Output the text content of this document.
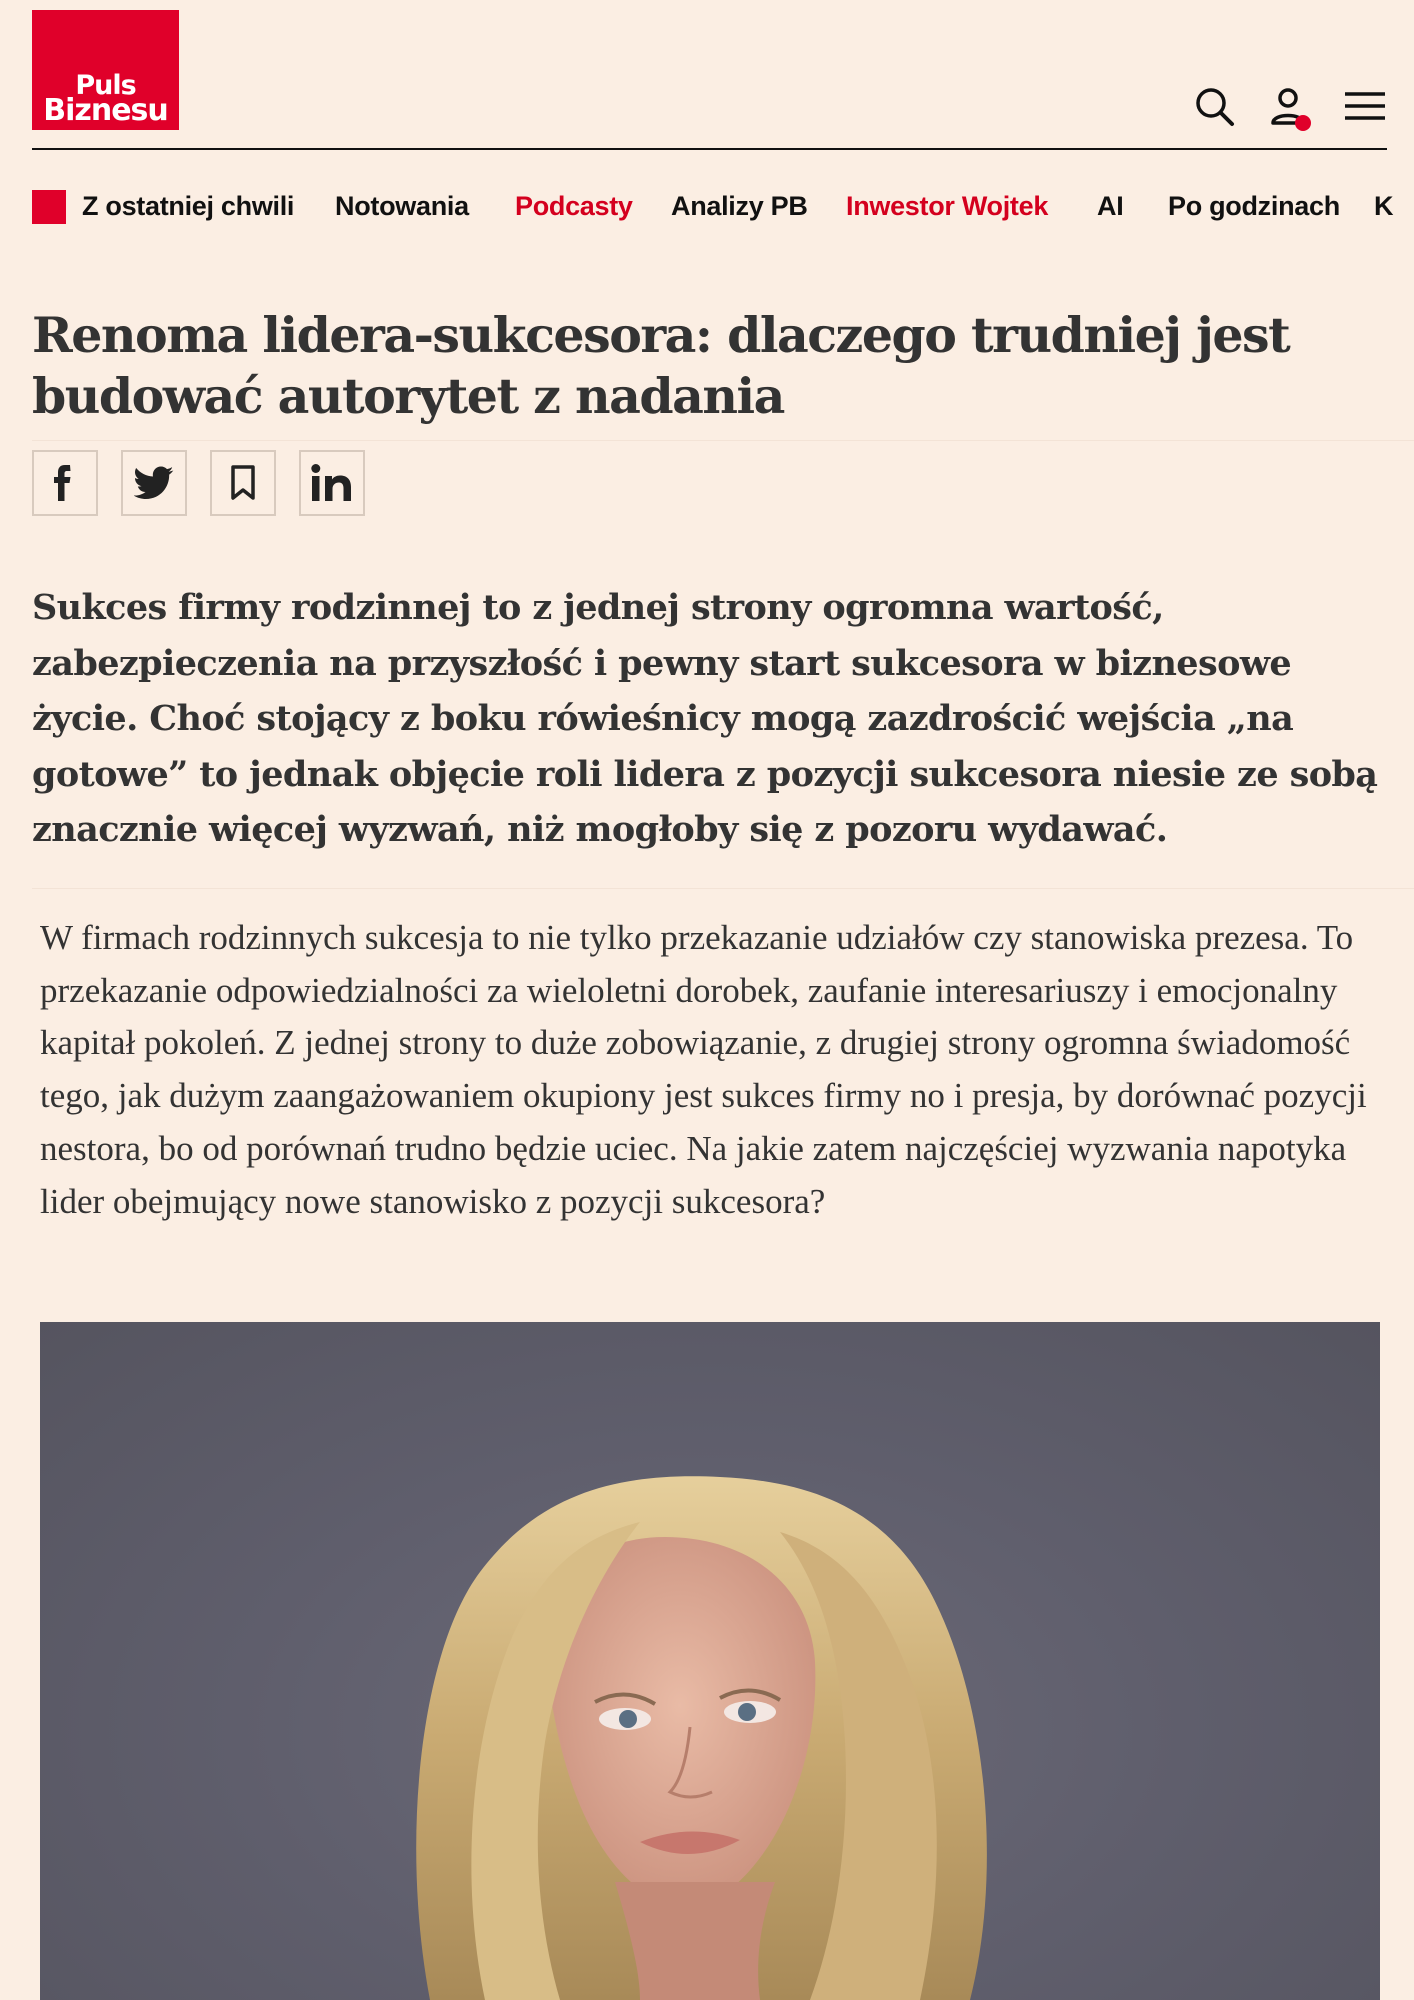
Puls
Biznesu
Z ostatniej chwili Notowania Podcasty Analizy PB Inwestor Wojtek AI Po godzinach K
Renoma lidera-sukcesora: dlaczego trudniej jest budować autorytet z nadania

Sukces firmy rodzinnej to z jednej strony ogromna wartość, zabezpieczenia na przyszłość i pewny start sukcesora w biznesowe życie. Choć stojący z boku rówieśnicy mogą zazdrościć wejścia „na gotowe” to jednak objęcie roli lidera z pozycji sukcesora niesie ze sobą znacznie więcej wyzwań, niż mogłoby się z pozoru wydawać.

W firmach rodzinnych sukcesja to nie tylko przekazanie udziałów czy stanowiska prezesa. To przekazanie odpowiedzialności za wieloletni dorobek, zaufanie interesariuszy i emocjonalny kapitał pokoleń. Z jednej strony to duże zobowiązanie, z drugiej strony ogromna świadomość tego, jak dużym zaangażowaniem okupiony jest sukces firmy no i presja, by dorównać pozycji nestora, bo od porównań trudno będzie uciec. Na jakie zatem najczęściej wyzwania napotyka lider obejmujący nowe stanowisko z pozycji sukcesora?
